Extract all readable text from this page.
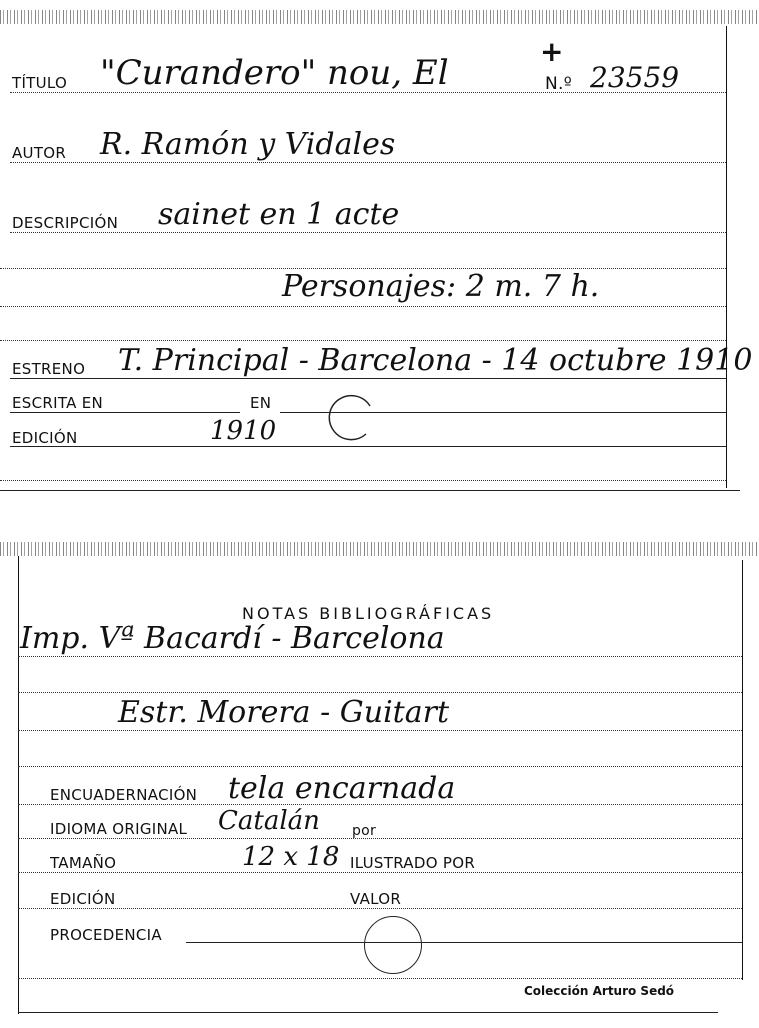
TÍTULO "Curandero" nou, El
+
N.º 23559
AUTOR R. Ramón y Vidales
DESCRIPCIÓN sainet en 1 acte
Personajes: 2 m. 7 h.
ESTRENO T. Principal - Barcelona - 14 octubre 1910
ESCRITA EN	EN
EDICIÓN	1910
NOTAS BIBLIOGRÁFICAS
Imp. Vª Bacardí - Barcelona
Estr. Morera - Guitart
ENCUADERNACIÓN tela encarnada
IDIOMA ORIGINAL Catalán por
TAMAÑO	12 x 18 ILUSTRADO POR
EDICIÓN	VALOR
PROCEDENCIA
Colección Arturo Sedó
